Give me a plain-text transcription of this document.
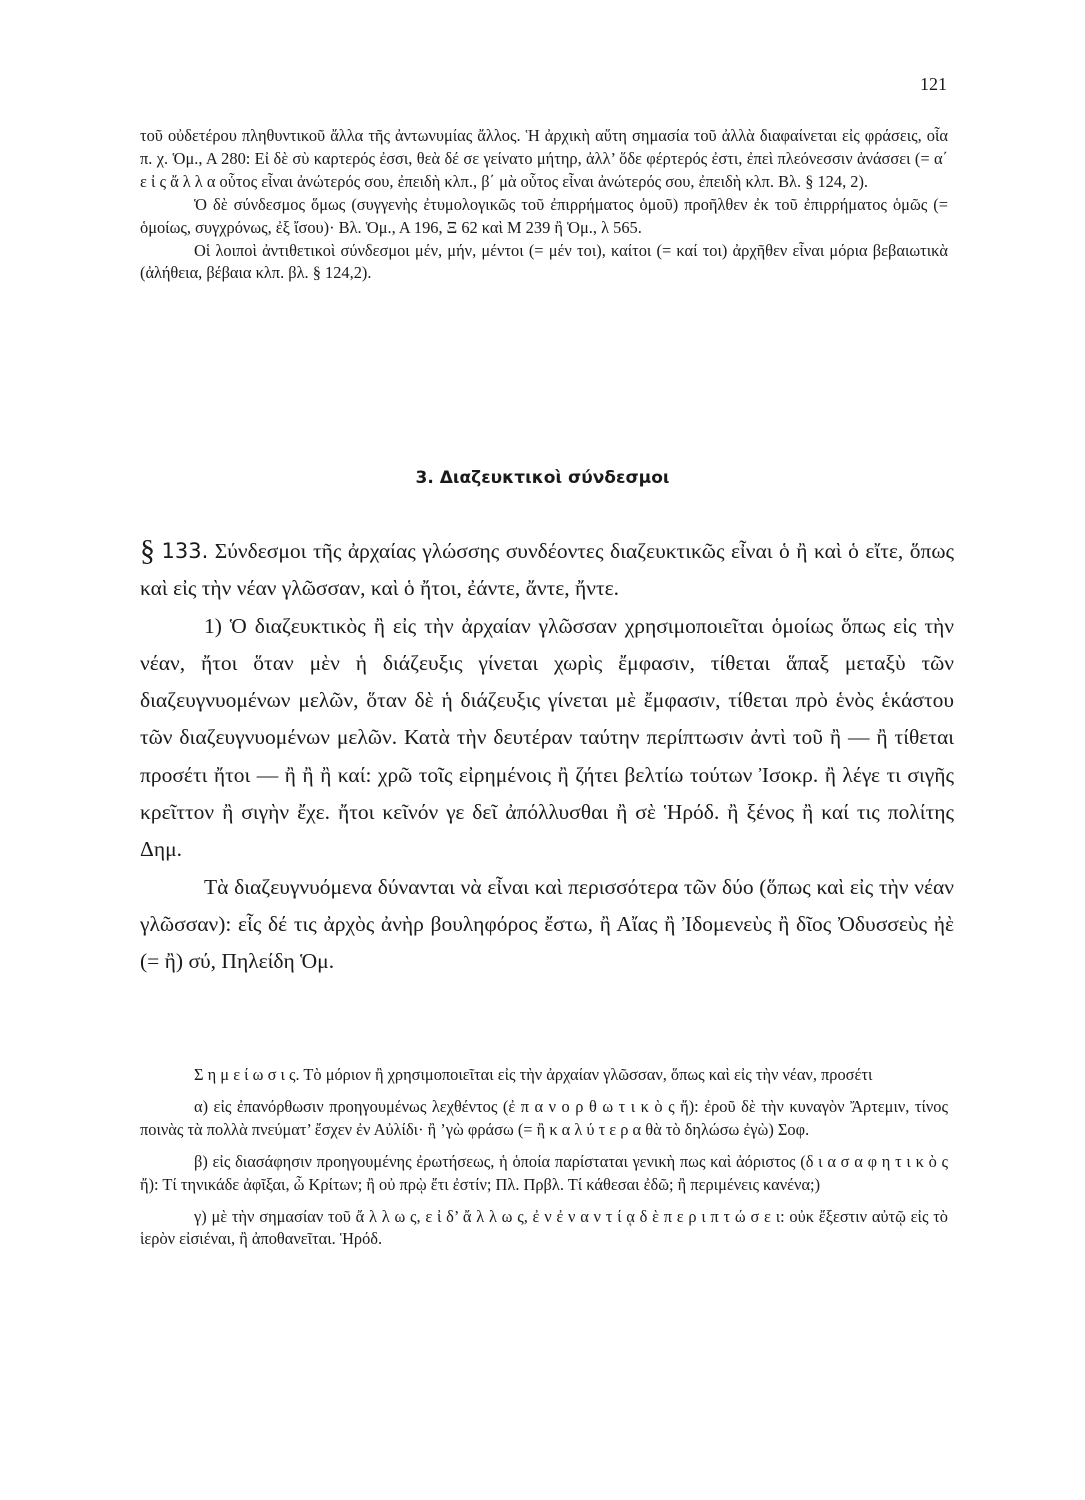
121

τοῦ οὐδετέρου πληθυντικοῦ ἄλλα τῆς ἀντωνυμίας ἄλλος. Ἡ ἀρχικὴ αὕτη σημασία τοῦ ἀλλὰ διαφαίνεται εἰς φράσεις, οἷα π. χ. Ὁμ., Α 280: Εἰ δὲ σὺ καρτερός ἐσσι, θεὰ δέ σε γείνατο μήτηρ, ἀλλ’ ὅδε φέρτερός ἐστι, ἐπεὶ πλεόνεσσιν ἀνάσσει (= α΄ ε ἰ ς ἄ λ λ α οὗτος εἶναι ἀνώτερός σου, ἐπειδὴ κλπ., β΄ μὰ οὗτος εἶναι ἀνώτερός σου, ἐπειδὴ κλπ. Βλ. § 124, 2).

Ὁ δὲ σύνδεσμος ὅμως (συγγενὴς ἐτυμολογικῶς τοῦ ἐπιρρήματος ὁμοῦ) προῆλθεν ἐκ τοῦ ἐπιρρήματος ὁμῶς (= ὁμοίως, συγχρόνως, ἐξ ἴσου)· Βλ. Ὁμ., Α 196, Ξ 62 καὶ Μ 239 ἢ Ὁμ., λ 565.

Οἱ λοιποὶ ἀντιθετικοὶ σύνδεσμοι μέν, μήν, μέντοι (= μέν τοι), καίτοι (= καί τοι) ἀρχῆθεν εἶναι μόρια βεβαιωτικὰ (ἀλήθεια, βέβαια κλπ. βλ. § 124,2).

3. Διαζευκτικοὶ σύνδεσμοι

§ 133. Σύνδεσμοι τῆς ἀρχαίας γλώσσης συνδέοντες διαζευκτικῶς εἶναι ὁ ἢ καὶ ὁ εἴτε, ὅπως καὶ εἰς τὴν νέαν γλῶσσαν, καὶ ὁ ἤτοι, ἐάντε, ἄντε, ἤντε.

1) Ὁ διαζευκτικὸς ἢ εἰς τὴν ἀρχαίαν γλῶσσαν χρησιμοποιεῖται ὁμοίως ὅπως εἰς τὴν νέαν, ἤτοι ὅταν μὲν ἡ διάζευξις γίνεται χωρὶς ἔμφασιν, τίθεται ἅπαξ μεταξὺ τῶν διαζευγνυομένων μελῶν, ὅταν δὲ ἡ διάζευξις γίνεται μὲ ἔμφασιν, τίθεται πρὸ ἑνὸς ἑκάστου τῶν διαζευγνυομένων μελῶν. Κατὰ τὴν δευτέραν ταύτην περίπτωσιν ἀντὶ τοῦ ἢ — ἢ τίθεται προσέτι ἤτοι — ἢ ἢ ἢ καί: χρῶ τοῖς εἰρημένοις ἢ ζήτει βελτίω τούτων Ἰσοκρ. ἢ λέγε τι σιγῆς κρεῖττον ἢ σιγὴν ἔχε. ἤτοι κεῖνόν γε δεῖ ἀπόλλυσθαι ἢ σὲ Ἡρόδ. ἢ ξένος ἢ καί τις πολίτης Δημ.

Τὰ διαζευγνυόμενα δύνανται νὰ εἶναι καὶ περισσότερα τῶν δύο (ὅπως καὶ εἰς τὴν νέαν γλῶσσαν): εἷς δέ τις ἀρχὸς ἀνὴρ βουληφόρος ἔστω, ἢ Αἴας ἢ Ἰδομενεὺς ἢ δῖος Ὀδυσσεὺς ἠὲ (= ἢ) σύ, Πηλείδη Ὁμ.

Σ η μ ε ί ω σ ι ς. Τὸ μόριον ἢ χρησιμοποιεῖται εἰς τὴν ἀρχαίαν γλῶσσαν, ὅπως καὶ εἰς τὴν νέαν, προσέτι

α) εἰς ἐπανόρθωσιν προηγουμένως λεχθέντος (ἐ π α ν ο ρ θ ω τ ι κ ὸ ς ἤ): ἐροῦ δὲ τὴν κυναγὸν Ἄρτεμιν, τίνος ποινὰς τὰ πολλὰ πνεύματ’ ἔσχεν ἐν Αὐλίδι· ἢ ’γὼ φράσω (= ἢ κ α λ ύ τ ε ρ α θὰ τὸ δηλώσω ἐγὼ) Σοφ.

β) εἰς διασάφησιν προηγουμένης ἐρωτήσεως, ἡ ὁποία παρίσταται γενικὴ πως καὶ ἀόριστος (δ ι α σ α φ η τ ι κ ὸ ς ἤ): Τί τηνικάδε ἀφῖξαι, ὦ Κρίτων; ἢ οὐ πρῲ ἔτι ἐστίν; Πλ. Πρβλ. Τί κάθεσαι ἐδῶ; ἢ περιμένεις κανένα;)

γ) μὲ τὴν σημασίαν τοῦ ἄ λ λ ω ς, ε ἰ δ’ ἄ λ λ ω ς, ἐ ν ἐ ν α ν τ ί ᾳ δ ὲ π ε ρ ι π τ ώ σ ε ι: οὐκ ἔξεστιν αὐτῷ εἰς τὸ ἱερὸν εἰσιέναι, ἢ ἀποθανεῖται. Ἡρόδ.
